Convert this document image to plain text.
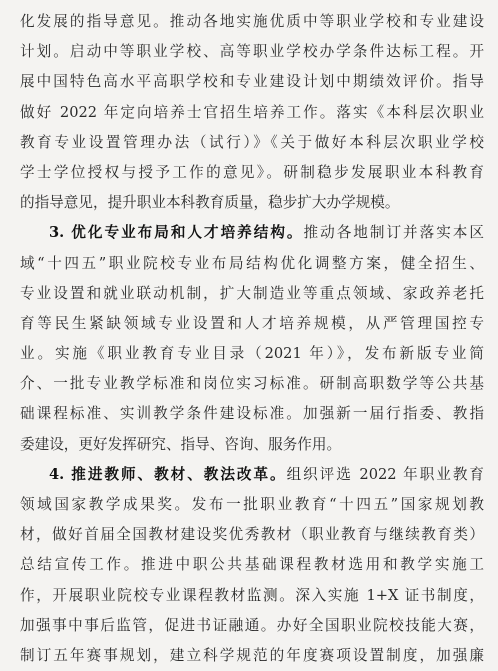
化发展的指导意见。推动各地实施优质中等职业学校和专业建设
计划。启动中等职业学校、高等职业学校办学条件达标工程。开
展中国特色高水平高职学校和专业建设计划中期绩效评价。指导
做好 2022 年定向培养士官招生培养工作。落实《本科层次职业
教育专业设置管理办法（试行）》《关于做好本科层次职业学校
学士学位授权与授予工作的意见》。研制稳步发展职业本科教育
的指导意见，提升职业本科教育质量，稳步扩大办学规模。
3. 优化专业布局和人才培养结构。推动各地制订并落实本区
域“十四五”职业院校专业布局结构优化调整方案，健全招生、
专业设置和就业联动机制，扩大制造业等重点领域、家政养老托
育等民生紧缺领域专业设置和人才培养规模，从严管理国控专
业。实施《职业教育专业目录（2021 年）》，发布新版专业简
介、一批专业教学标准和岗位实习标准。研制高职数学等公共基
础课程标准、实训教学条件建设标准。加强新一届行指委、教指
委建设，更好发挥研究、指导、咨询、服务作用。
4. 推进教师、教材、教法改革。组织评选 2022 年职业教育
领域国家教学成果奖。发布一批职业教育“十四五”国家规划教
材，做好首届全国教材建设奖优秀教材（职业教育与继续教育类）
总结宣传工作。推进中职公共基础课程教材选用和教学实施工
作，开展职业院校专业课程教材监测。深入实施 1+X 证书制度，
加强事中事后监管，促进书证融通。办好全国职业院校技能大赛，
制订五年赛事规划，建立科学规范的年度赛项设置制度，加强廉
